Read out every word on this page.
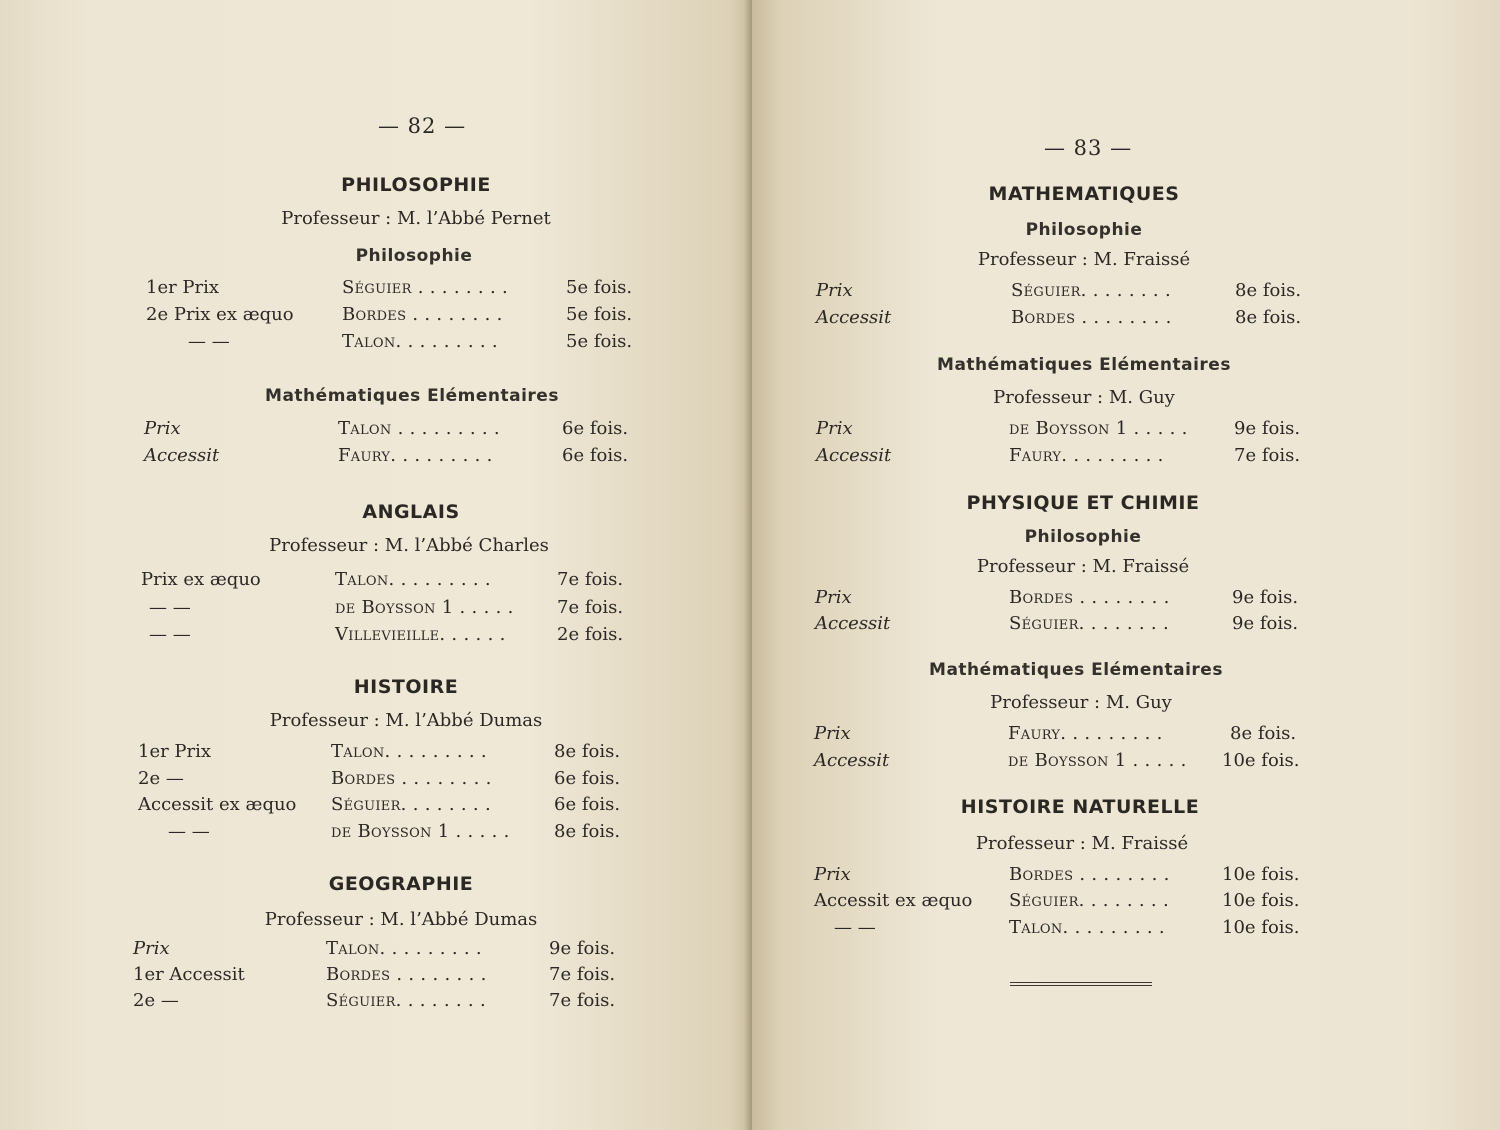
— 82 —
PHILOSOPHIE
Professeur : M. l’Abbé Pernet
Philosophie
1er Prix	Séguier . . . . . . . .	5e fois.
2e Prix ex æquo	Bordes . . . . . . . .	5e fois.
— —	Talon. . . . . . . . .	5e fois.
Mathématiques Elémentaires
Prix	Talon . . . . . . . . .	6e fois.
Accessit	Faury. . . . . . . . .	6e fois.
ANGLAIS
Professeur : M. l’Abbé Charles
Prix ex æquo	Talon. . . . . . . . .	7e fois.
— —	de Boysson 1 . . . . . 7e fois.
— —	Villevieille. . . . . .	2e fois.
HISTOIRE
Professeur : M. l’Abbé Dumas
1er Prix	Talon. . . . . . . . .	8e fois.
2e —	Bordes . . . . . . . .	6e fois.
Accessit ex æquo Séguier. . . . . . . .	6e fois.
— —	de Boysson 1 . . . . . 8e fois.
GEOGRAPHIE
Professeur : M. l’Abbé Dumas
Prix	Talon. . . . . . . . .	9e fois.
1er Accessit	Bordes . . . . . . . .	7e fois.
2e —	Séguier. . . . . . . .	7e fois.
— 83 —
MATHEMATIQUES
Philosophie
Professeur : M. Fraissé
Prix	Séguier. . . . . . . .	8e fois.
Accessit	Bordes . . . . . . . .	8e fois.
Mathématiques Elémentaires
Professeur : M. Guy
Prix	de Boysson 1 . . . . .	9e fois.
Accessit	Faury. . . . . . . . .	7e fois.
PHYSIQUE ET CHIMIE
Philosophie
Professeur : M. Fraissé
Prix	Bordes . . . . . . . .	9e fois.
Accessit	Séguier. . . . . . . .	9e fois.
Mathématiques Elémentaires
Professeur : M. Guy
Prix	Faury. . . . . . . . .	8e fois.
Accessit	de Boysson 1 . . . . . 10e fois.
HISTOIRE NATURELLE
Professeur : M. Fraissé
Prix	Bordes . . . . . . . .	10e fois.
Accessit ex æquo Séguier. . . . . . . .	10e fois.
— —	Talon. . . . . . . . .	10e fois.
